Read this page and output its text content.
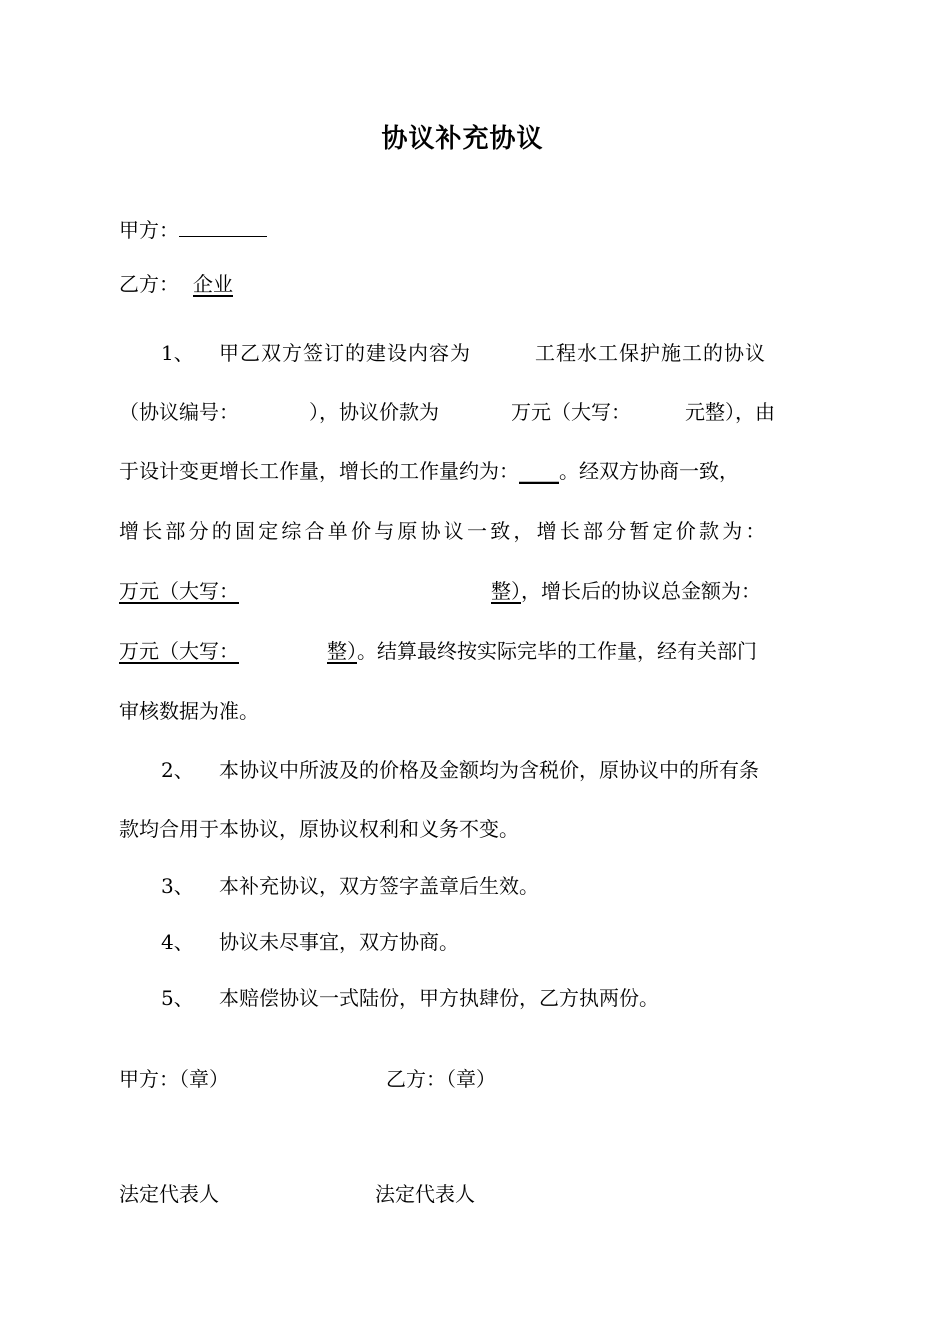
协议补充协议
甲方：
乙方： 企业
1、 甲乙双方签订的建设内容为	工程水工保护施工的协议
（协议编号：	），协议价款为	万元（大写：	元整），由
于设计变更增长工作量，增长的工作量约为：____。经双方协商一致，
增长部分的固定综合单价与原协议一致，增长部分暂定价款为：
万元（大写：	整），增长后的协议总金额为：
万元（大写：	整）。结算最终按实际完毕的工作量，经有关部门
审核数据为准。
2、 本协议中所波及的价格及金额均为含税价，原协议中的所有条
款均合用于本协议，原协议权利和义务不变。
3、 本补充协议，双方签字盖章后生效。
4、 协议未尽事宜，双方协商。
5、 本赔偿协议一式陆份，甲方执肆份，乙方执两份。
甲方：（章）	乙方：（章）
法定代表人	法定代表人
